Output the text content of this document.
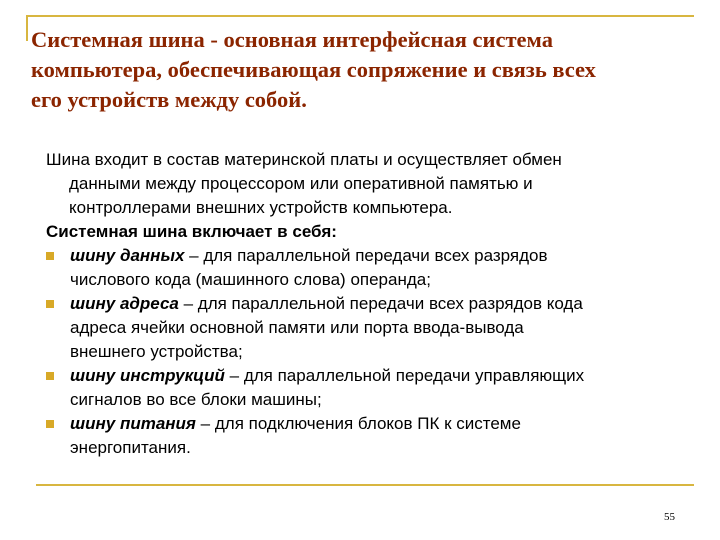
Системная шина - основная интерфейсная система
компьютера, обеспечивающая сопряжение и связь всех
его устройств между собой.
Шина входит в состав материнской платы и осуществляет обмен
данными между процессором или оперативной памятью и
контроллерами внешних устройств компьютера.
Системная шина включает в себя:
шину данных – для параллельной передачи всех разрядов
числового кода (машинного слова) операнда;
шину адреса – для параллельной передачи всех разрядов кода
адреса ячейки основной памяти или порта ввода-вывода
внешнего устройства;
шину инструкций – для параллельной передачи управляющих
сигналов во все блоки машины;
шину питания – для подключения блоков ПК к системе
энергопитания.
55
